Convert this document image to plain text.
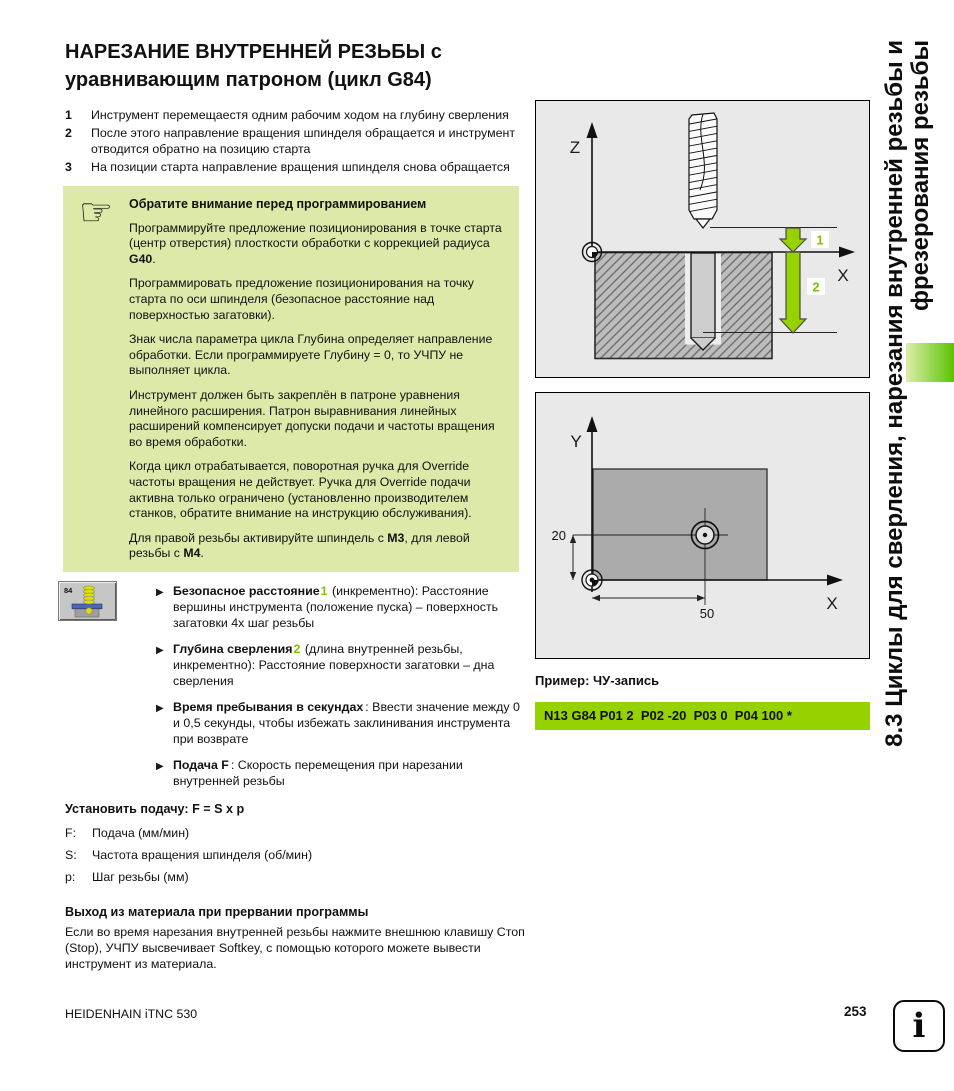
НАРЕЗАНИЕ ВНУТРЕННЕЙ РЕЗЬБЫ с
уравнивающим патроном (цикл G84)
1	Инструмент перемещаестя одним рабочим ходом на глубину сверления
2	После этого направление вращения шпинделя обращается и инструмент отводится обратно на позицию старта
3	На позиции старта направление вращения шпинделя снова обращается
☞	Обратите внимание перед программированием

Программируйте предложение позиционирования в точке старта (центр отверстия) плосткости обработки с коррекцией радиуса G40.

Программировать предложение позиционирования на точку старта по оси шпинделя (безопасное расстояние над поверхностью загатовки).

Знак числа параметра цикла Глубина определяет направление обработки. Если программируете Глубину = 0, то УЧПУ не выполняет цикла.

Инструмент должен быть закреплён в патроне уравнения линейного расширения. Патрон выравнивания линейных расширений компенсирует допуски подачи и частоты вращения во время обработки.

Когда цикл отрабатывается, поворотная ручка для Override частоты вращения не действует. Ручка для Override подачи активна только ограничено (установленно производителем станков, обратите внимание на инструкцию обслуживания).

Для правой резьбы активируйте шпиндель с M3, для левой резьбы с M4.

84	▶ Безопасное расстояние1 (инкрементно): Расстояние вершины инструмента (положение пуска) – поверхность загатовки 4x шаг резьбы
▶ Глубина сверления2 (длина внутренней резьбы, инкрементно): Расстояние поверхности загатовки – дна сверления
▶ Время пребывания в секундах : Ввести значение между 0 и 0,5 секунды, чтобы избежать заклинивания инструмента при возврате
▶ Подача F : Скорость перемещения при нарезании внутренней резьбы
Установить подачу: F = S x p
F:	Подача (мм/мин)
S:	Частота вращения шпинделя (об/мин)
p:	Шаг резьбы (мм)
Выход из материала при прервании программы
Если во время нарезания внутренней резьбы нажмите внешнюю клавишу Стоп (Stop), УЧПУ высвечивает Softkey, с помощью которого можете вывести инструмент из материала.
X
Z
1
2
Y
X
20
50
Пример: ЧУ-запись
N13 G84 P01 2  P02 -20  P03 0  P04 100 *	8.3 Циклы для сверления, нарезания внутренней резьбы и фрезерования резьбы
HEIDENHAIN iTNC 530	253 i
